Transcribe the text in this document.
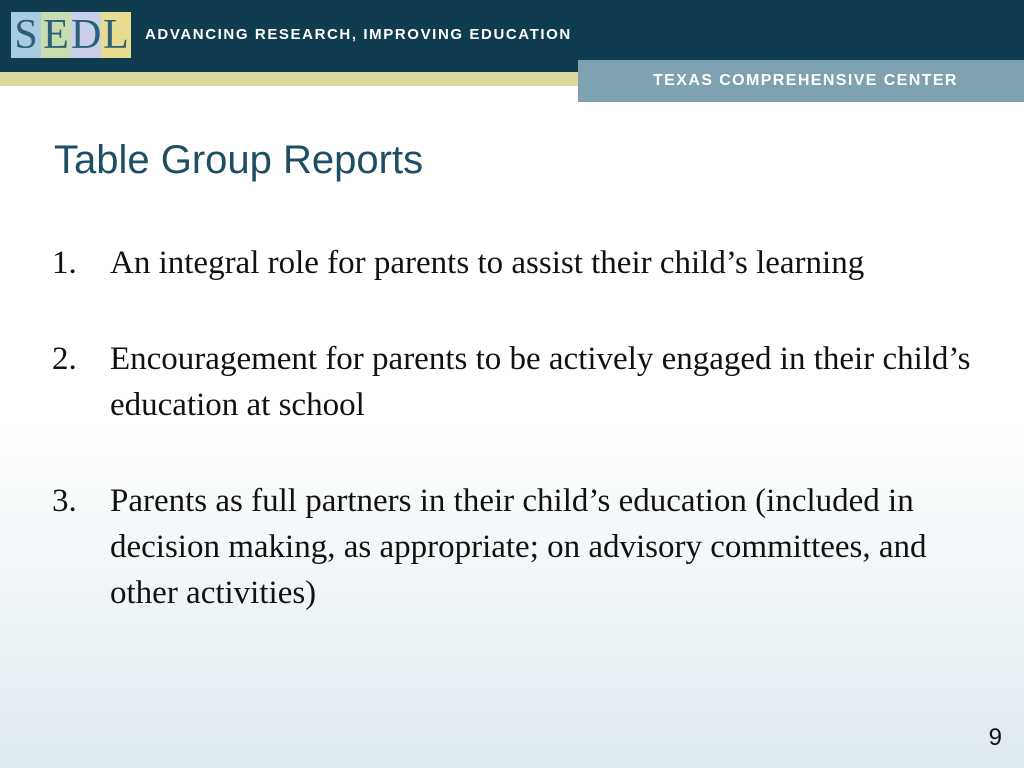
S E D L ADVANCING RESEARCH, IMPROVING EDUCATION
TEXAS COMPREHENSIVE CENTER
Table Group Reports
1. An integral role for parents to assist their child’s learning
2. Encouragement for parents to be actively engaged in their child’s education at school
3. Parents as full partners in their child’s education (included in decision making, as appropriate; on advisory committees, and other activities)
9
